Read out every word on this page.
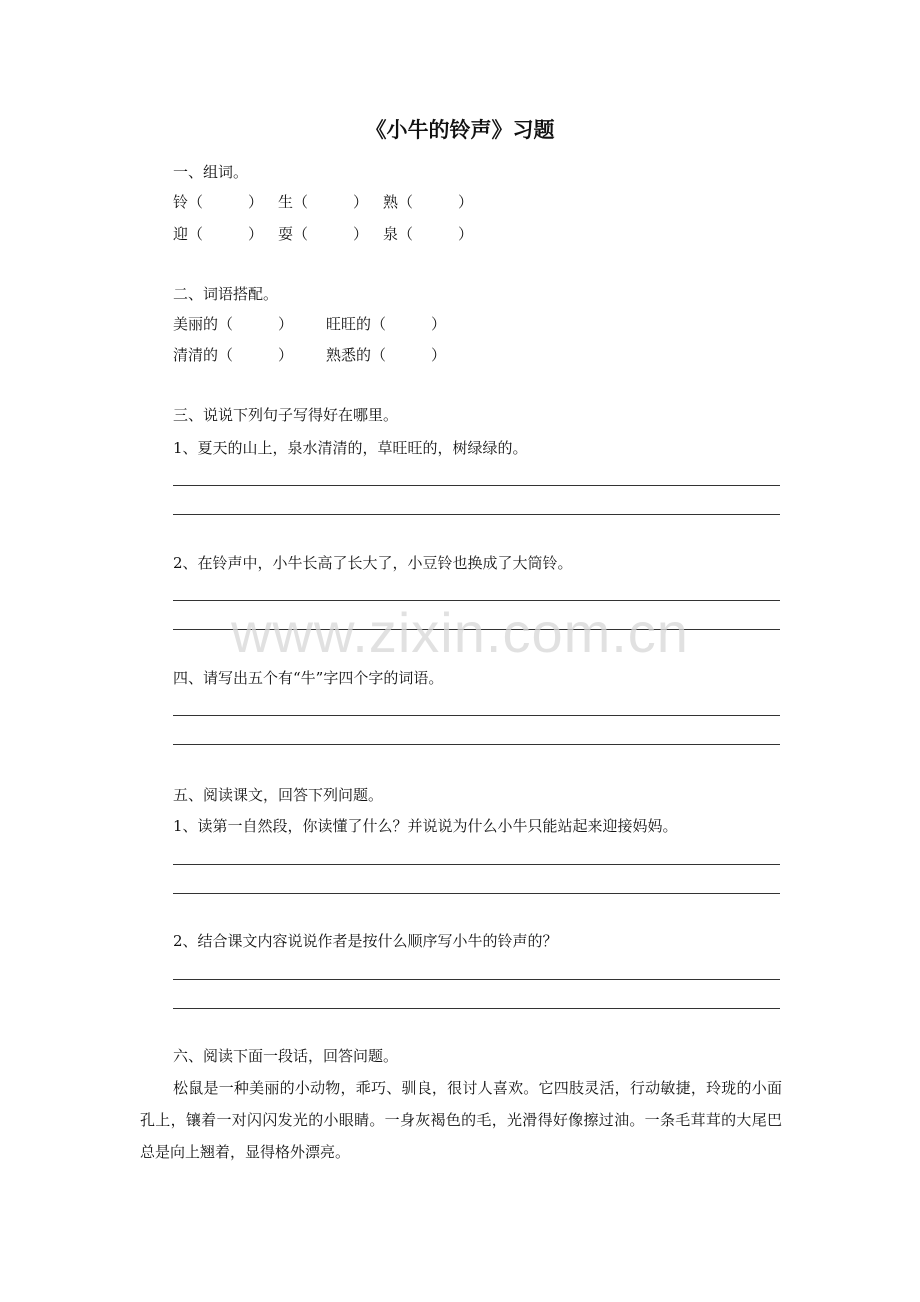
《小牛的铃声》习题
一、组词。
铃（　　　） 生（　　　） 熟（　　　）
迎（　　　） 耍（　　　） 泉（　　　）
二、词语搭配。
美丽的（　　　） 旺旺的（　　　）
清清的（　　　） 熟悉的（　　　）
三、说说下列句子写得好在哪里。
1、夏天的山上，泉水清清的，草旺旺的，树绿绿的。
2、在铃声中，小牛长高了长大了，小豆铃也换成了大筒铃。
www.zixin.com.cn
四、请写出五个有“牛”字四个字的词语。
五、阅读课文，回答下列问题。
1、读第一自然段，你读懂了什么？并说说为什么小牛只能站起来迎接妈妈。
2、结合课文内容说说作者是按什么顺序写小牛的铃声的？
六、阅读下面一段话，回答问题。
松鼠是一种美丽的小动物，乖巧、驯良，很讨人喜欢。它四肢灵活，行动敏捷，玲珑的小面孔上，镶着一对闪闪发光的小眼睛。一身灰褐色的毛，光滑得好像擦过油。一条毛茸茸的大尾巴总是向上翘着，显得格外漂亮。
